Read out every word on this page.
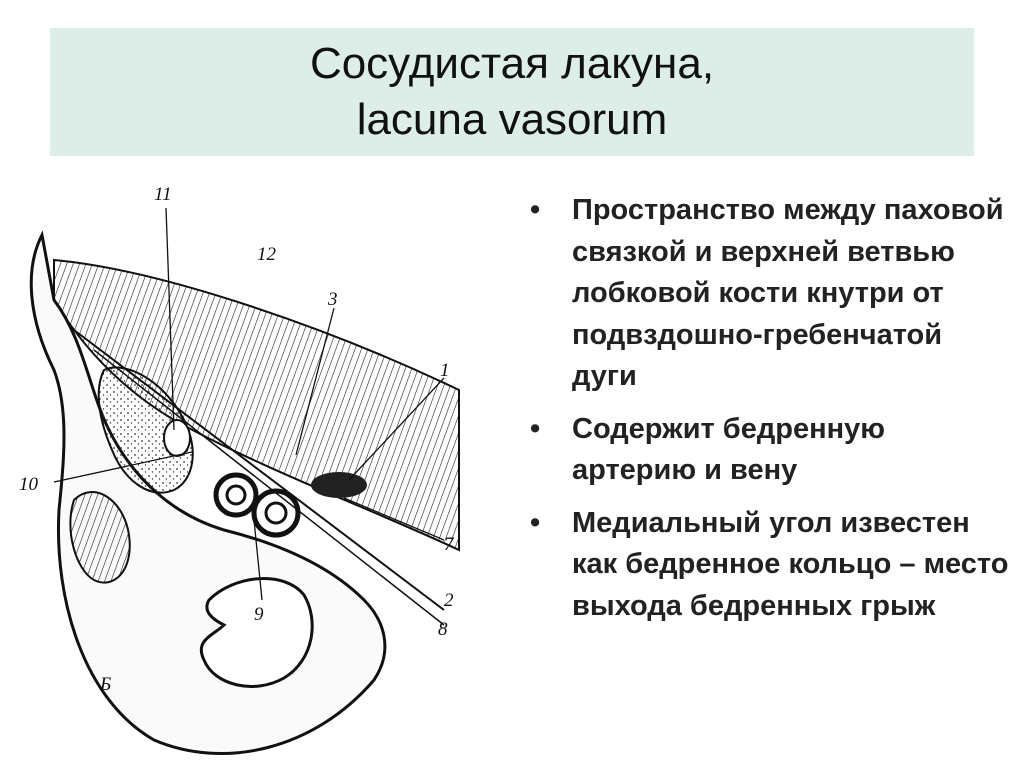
Сосудистая лакуна,
lacuna vasorum
11
12
3
1
10
7
2
8
9
Б
• Пространство между паховой связкой и верхней ветвью лобковой кости кнутри от подвздошно-гребенчатой дуги
• Содержит бедренную артерию и вену
• Медиальный угол известен как бедренное кольцо – место выхода бедренных грыж
